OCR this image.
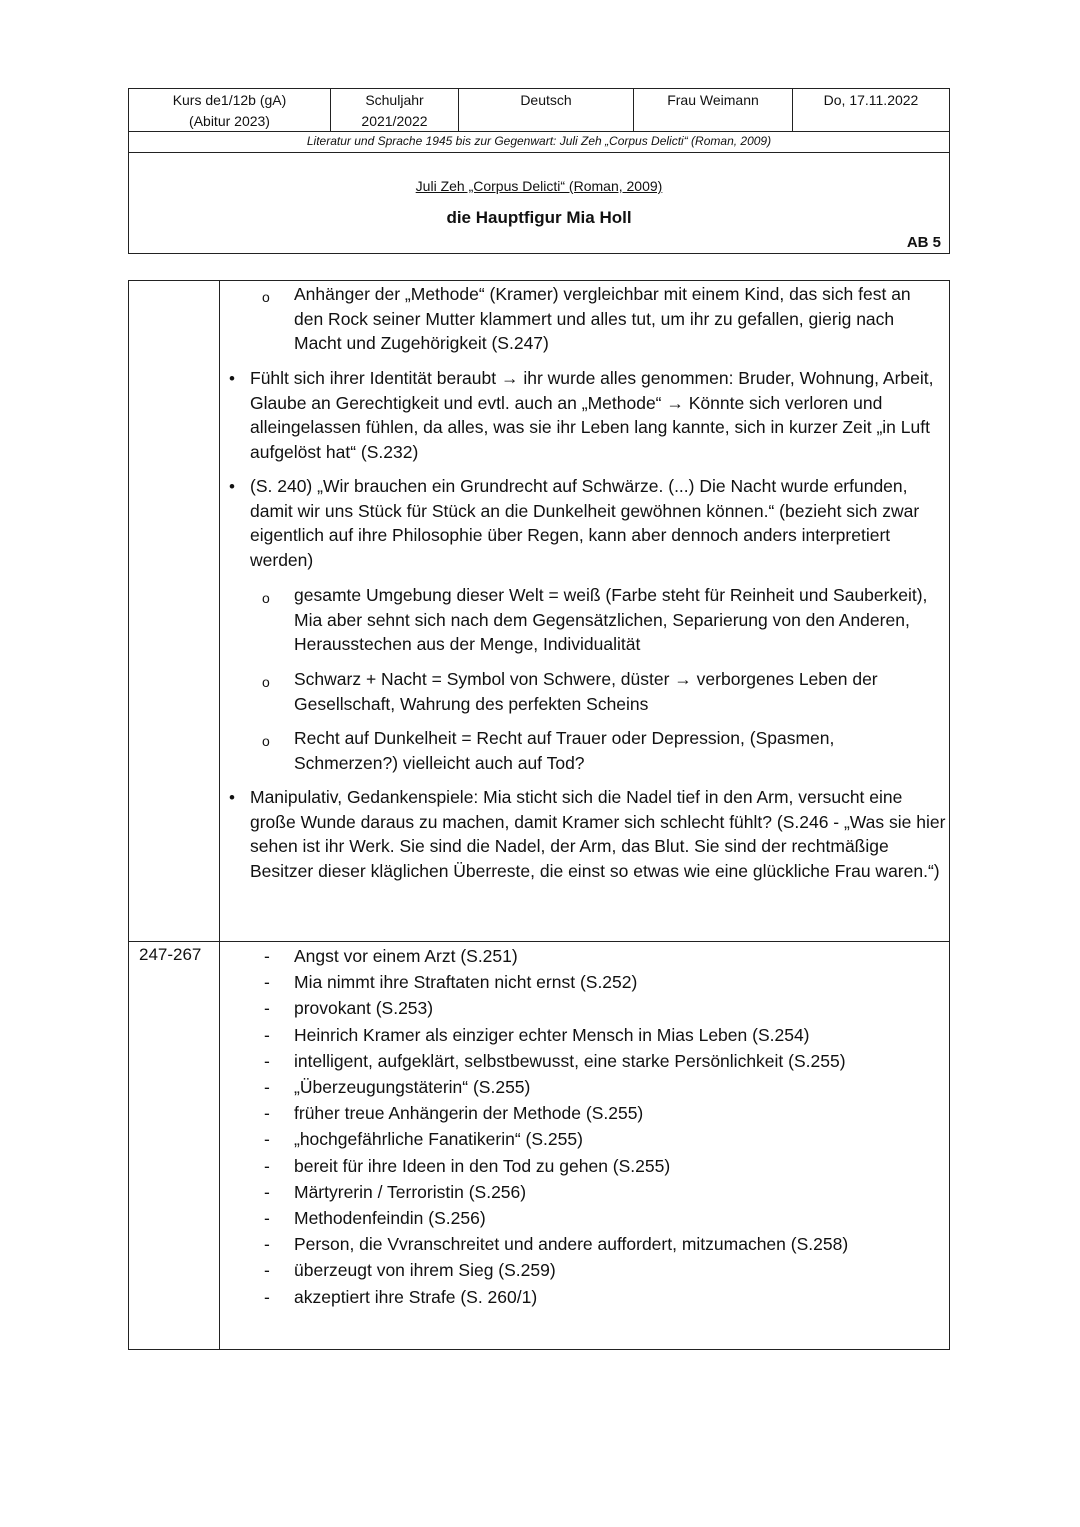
Kurs de1/12b (gA)
(Abitur 2023)
Schuljahr
2021/2022
Deutsch	Frau Weimann	Do, 17.11.2022
Literatur und Sprache 1945 bis zur Gegenwart: Juli Zeh „Corpus Delicti“ (Roman, 2009)
Juli Zeh „Corpus Delicti“ (Roman, 2009)
die Hauptfigur Mia Holl
AB 5
o Anhänger der „Methode“ (Kramer) vergleichbar mit einem Kind, das sich fest an den Rock seiner Mutter klammert und alles tut, um ihr zu gefallen, gierig nach Macht und Zugehörigkeit (S.247)
• Fühlt sich ihrer Identität beraubt → ihr wurde alles genommen: Bruder, Wohnung, Arbeit, Glaube an Gerechtigkeit und evtl. auch an „Methode“ → Könnte sich verloren und alleingelassen fühlen, da alles, was sie ihr Leben lang kannte, sich in kurzer Zeit „in Luft aufgelöst hat“ (S.232)
• (S. 240) „Wir brauchen ein Grundrecht auf Schwärze. (...) Die Nacht wurde erfunden, damit wir uns Stück für Stück an die Dunkelheit gewöhnen können.“ (bezieht sich zwar eigentlich auf ihre Philosophie über Regen, kann aber dennoch anders interpretiert werden)
o gesamte Umgebung dieser Welt = weiß (Farbe steht für Reinheit und Sauberkeit), Mia aber sehnt sich nach dem Gegensätzlichen, Separierung von den Anderen, Herausstechen aus der Menge, Individualität
o Schwarz + Nacht = Symbol von Schwere, düster → verborgenes Leben der Gesellschaft, Wahrung des perfekten Scheins
o Recht auf Dunkelheit = Recht auf Trauer oder Depression, (Spasmen, Schmerzen?) vielleicht auch auf Tod?
• Manipulativ, Gedankenspiele: Mia sticht sich die Nadel tief in den Arm, versucht eine große Wunde daraus zu machen, damit Kramer sich schlecht fühlt? (S.246 - „Was sie hier sehen ist ihr Werk. Sie sind die Nadel, der Arm, das Blut. Sie sind der rechtmäßige Besitzer dieser kläglichen Überreste, die einst so etwas wie eine glückliche Frau waren.“)
247-267
-	Angst vor einem Arzt (S.251)
- Mia nimmt ihre Straftaten nicht ernst (S.252)
- provokant (S.253)
- Heinrich Kramer als einziger echter Mensch in Mias Leben (S.254)
- intelligent, aufgeklärt, selbstbewusst, eine starke Persönlichkeit (S.255)
- „Überzeugungstäterin“ (S.255)
- früher treue Anhängerin der Methode (S.255)
- „hochgefährliche Fanatikerin“ (S.255)
- bereit für ihre Ideen in den Tod zu gehen (S.255)
- Märtyrerin / Terroristin (S.256)
- Methodenfeindin (S.256)
- Person, die Vvranschreitet und andere auffordert, mitzumachen (S.258)
- überzeugt von ihrem Sieg (S.259)
- akzeptiert ihre Strafe (S. 260/1)
